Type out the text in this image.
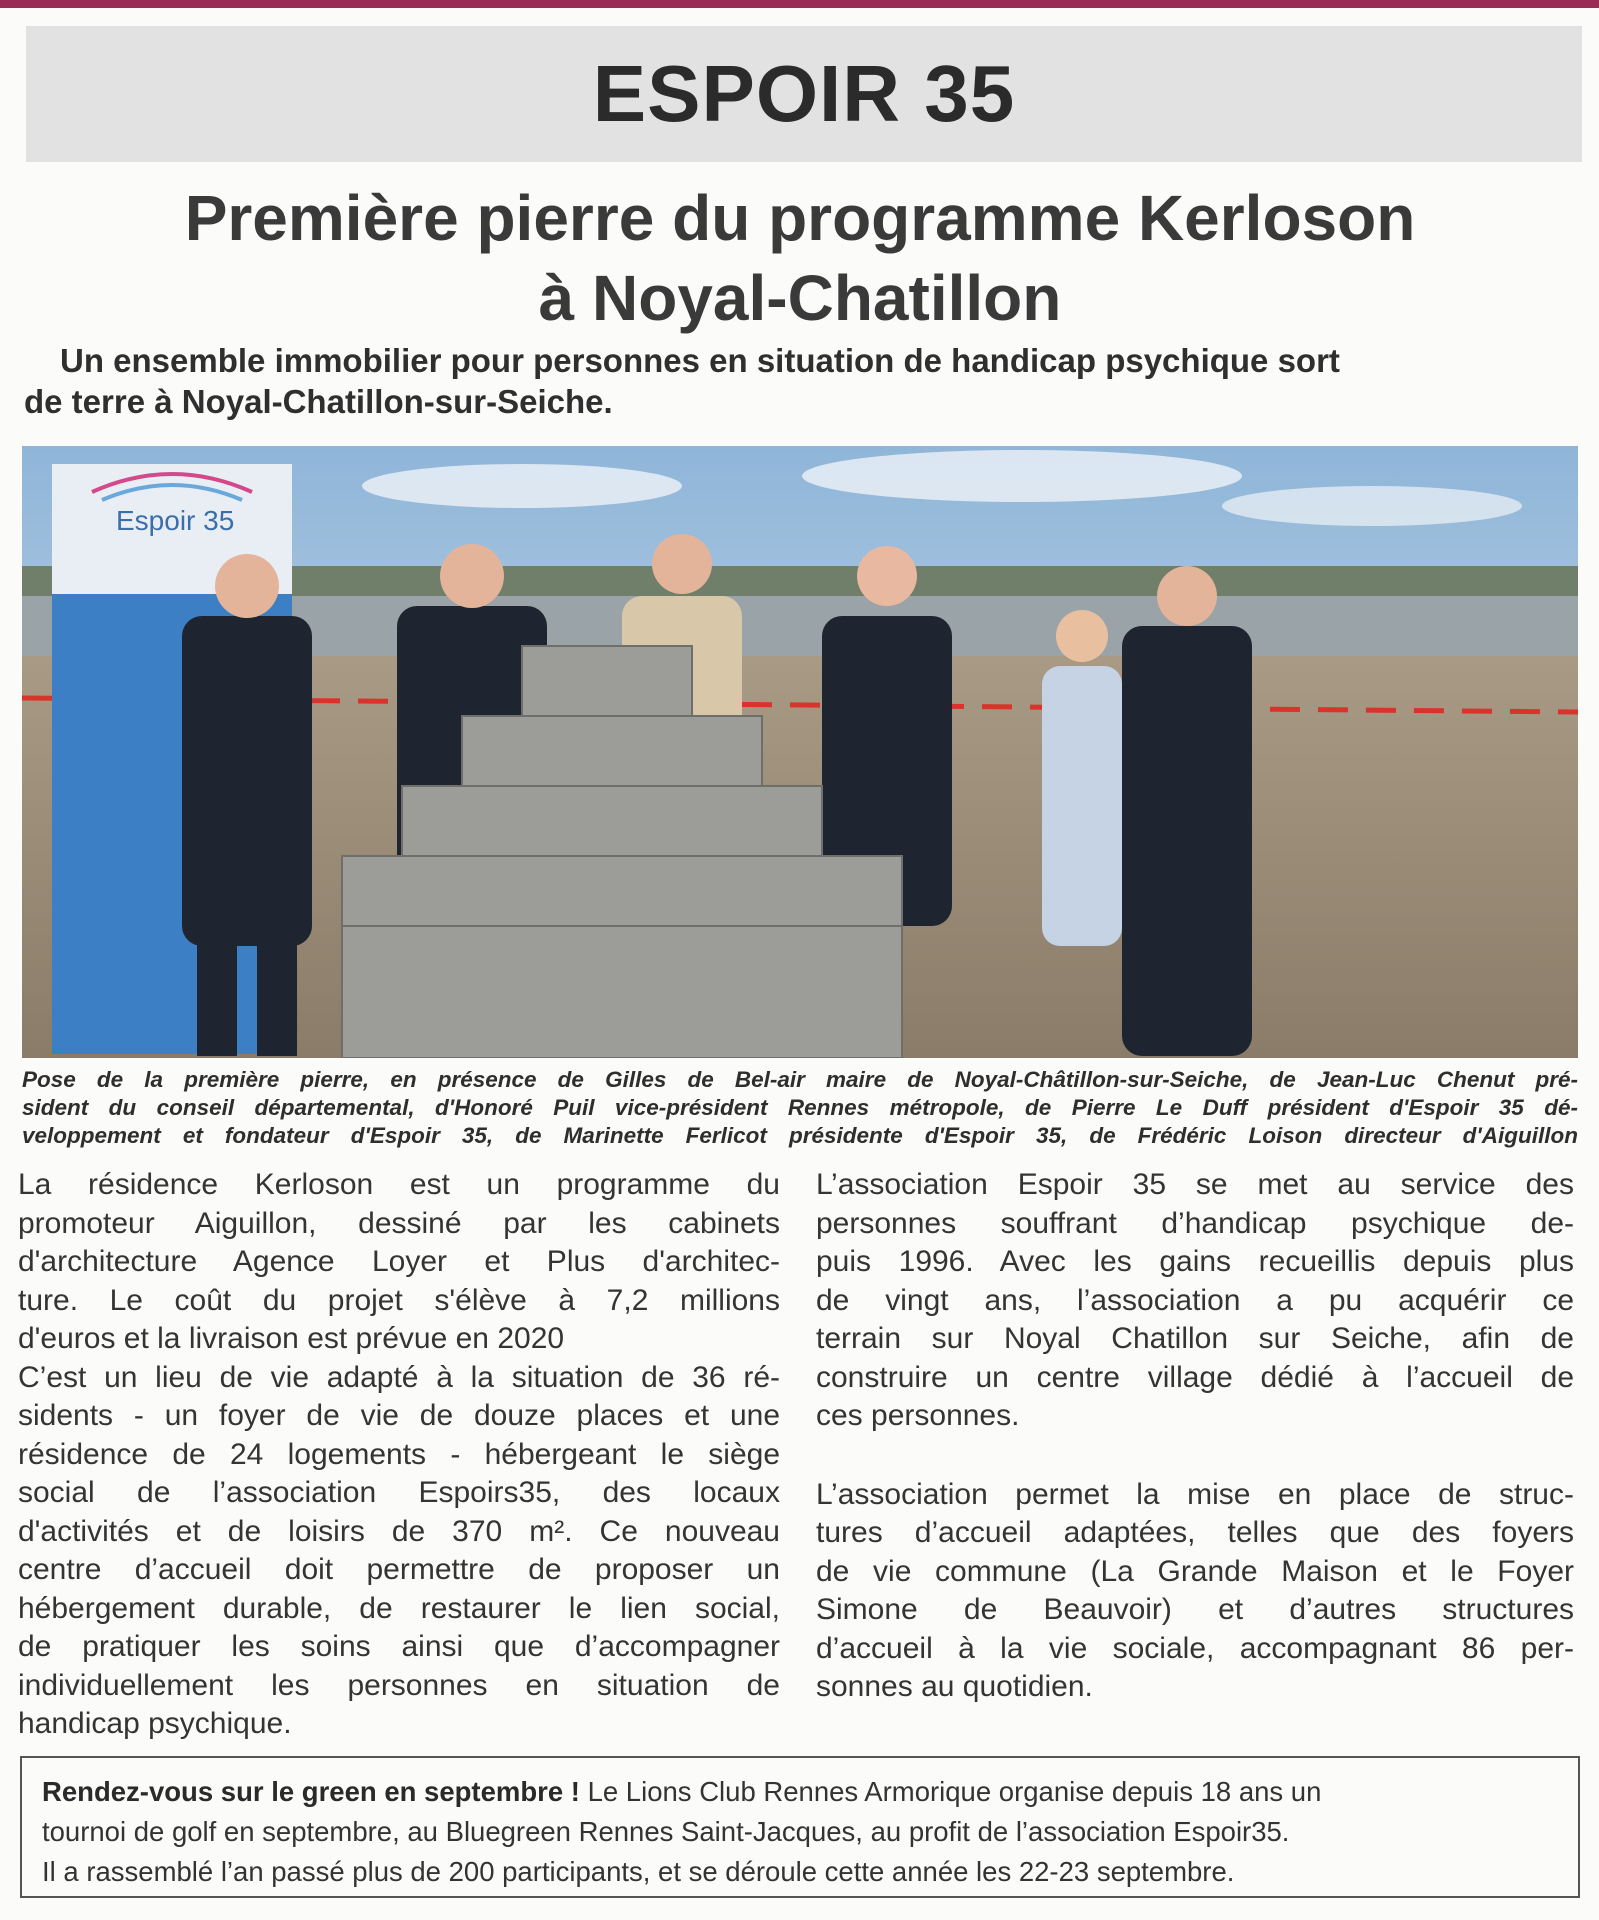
ESPOIR 35
Première pierre du programme Kerloson
à Noyal-Chatillon
Un ensemble immobilier pour personnes en situation de handicap psychique sort
de terre à Noyal-Chatillon-sur-Seiche.
Espoir 35
Pose de la première pierre, en présence de Gilles de Bel-air maire de Noyal-Châtillon-sur-Seiche, de Jean-Luc Chenut pré-
sident du conseil départemental, d'Honoré Puil vice-président Rennes métropole, de Pierre Le Duff président d'Espoir 35 dé-
veloppement et fondateur d'Espoir 35, de Marinette Ferlicot présidente d'Espoir 35, de Frédéric Loison directeur d'Aiguillon
La résidence Kerloson est un programme du
promoteur Aiguillon, dessiné par les cabinets
d'architecture Agence Loyer et Plus d'architec-
ture. Le coût du projet s'élève à 7,2 millions
d'euros et la livraison est prévue en 2020
C’est un lieu de vie adapté à la situation de 36 ré-
sidents - un foyer de vie de douze places et une
résidence de 24 logements - hébergeant le siège
social de l’association Espoirs35, des locaux
d'activités et de loisirs de 370 m². Ce nouveau
centre d’accueil doit permettre de proposer un
hébergement durable, de restaurer le lien social,
de pratiquer les soins ainsi que d’accompagner
individuellement les personnes en situation de
handicap psychique.
L’association Espoir 35 se met au service des
personnes souffrant d’handicap psychique de-
puis 1996. Avec les gains recueillis depuis plus
de vingt ans, l’association a pu acquérir ce
terrain sur Noyal Chatillon sur Seiche, afin de
construire un centre village dédié à l’accueil de
ces personnes.
L’association permet la mise en place de struc-
tures d’accueil adaptées, telles que des foyers
de vie commune (La Grande Maison et le Foyer
Simone de Beauvoir) et d’autres structures
d’accueil à la vie sociale, accompagnant 86 per-
sonnes au quotidien.
Rendez-vous sur le green en septembre ! Le Lions Club Rennes Armorique organise depuis 18 ans un
tournoi de golf en septembre, au Bluegreen Rennes Saint-Jacques, au profit de l’association Espoir35.
Il a rassemblé l’an passé plus de 200 participants, et se déroule cette année les 22-23 septembre.
